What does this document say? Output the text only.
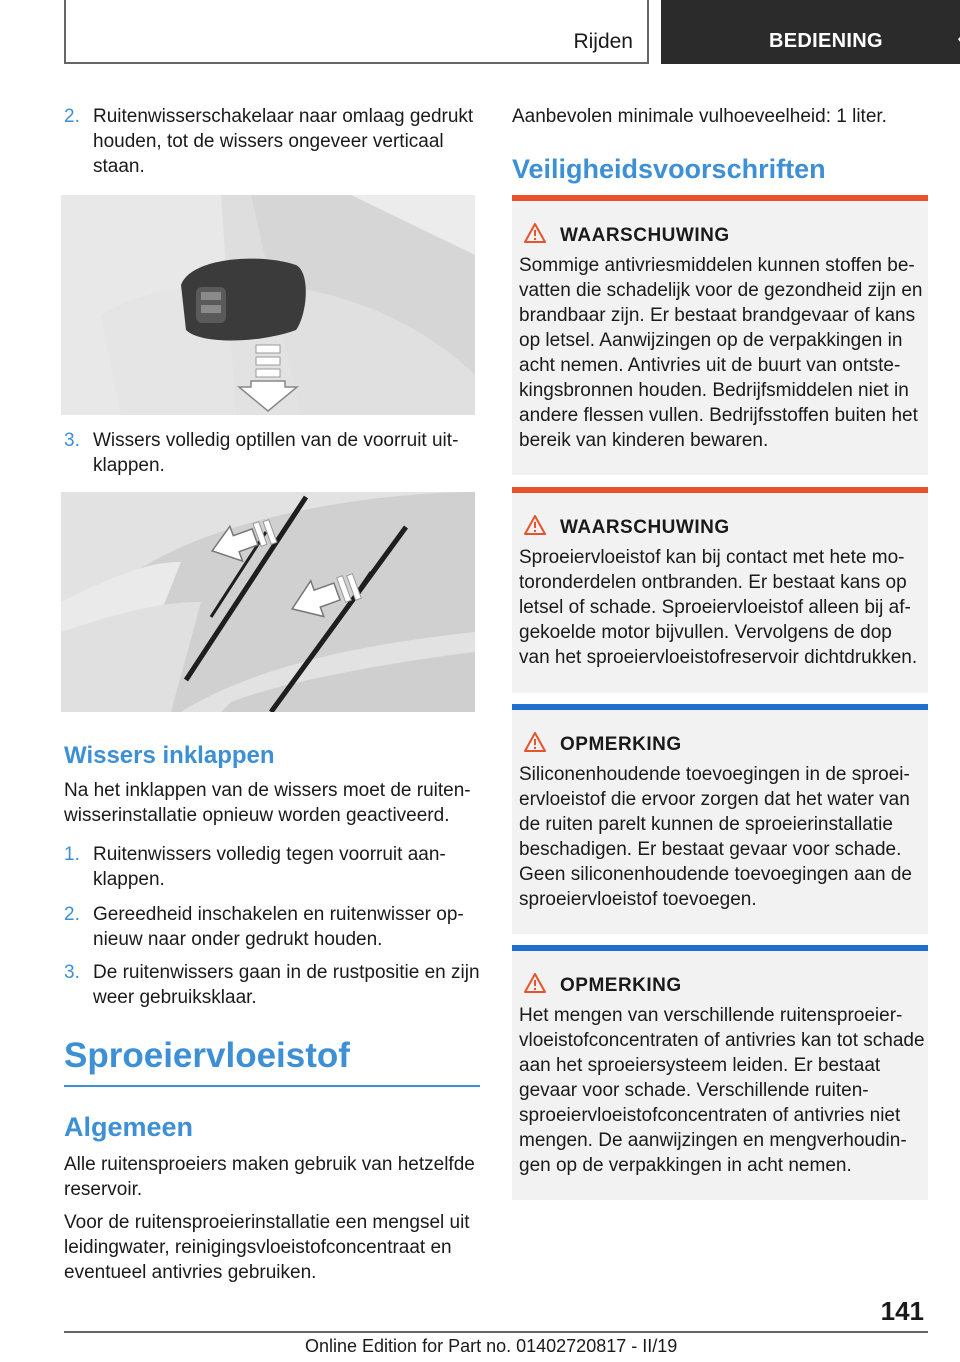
Rijden	BEDIENING
2. Ruitenwisserschakelaar naar omlaag gedrukt houden, tot de wissers ongeveer verticaal staan.
3. Wissers volledig optillen van de voorruit uitklappen.
Wissers inklappen
Na het inklappen van de wissers moet de ruitenwisserinstallatie opnieuw worden geactiveerd.
1. Ruitenwissers volledig tegen voorruit aanklappen.
2. Gereedheid inschakelen en ruitenwisser opnieuw naar onder gedrukt houden.
3. De ruitenwissers gaan in de rustpositie en zijn weer gebruiksklaar.
Sproeiervloeistof
Algemeen
Alle ruitensproeiers maken gebruik van hetzelfde reservoir.
Voor de ruitensproeierinstallatie een mengsel uit leidingwater, reinigingsvloeistofconcentraat en eventueel antivries gebruiken.
Aanbevolen minimale vulhoeveelheid: 1 liter.
Veiligheidsvoorschriften
WAARSCHUWING
Sommige antivriesmiddelen kunnen stoffen bevatten die schadelijk voor de gezondheid zijn en brandbaar zijn. Er bestaat brandgevaar of kans op letsel. Aanwijzingen op de verpakkingen in acht nemen. Antivries uit de buurt van ontstekingsbronnen houden. Bedrijfsmiddelen niet in andere flessen vullen. Bedrijfsstoffen buiten het bereik van kinderen bewaren.
WAARSCHUWING
Sproeiervloeistof kan bij contact met hete motoronderdelen ontbranden. Er bestaat kans op letsel of schade. Sproeiervloeistof alleen bij afgekoelde motor bijvullen. Vervolgens de dop van het sproeiervloeistofreservoir dichtdrukken.
OPMERKING
Siliconenhoudende toevoegingen in de sproeiervloeistof die ervoor zorgen dat het water van de ruiten parelt kunnen de sproeierinstallatie beschadigen. Er bestaat gevaar voor schade. Geen siliconenhoudende toevoegingen aan de sproeiervloeistof toevoegen.
OPMERKING
Het mengen van verschillende ruitensproeiervloeistofconcentraten of antivries kan tot schade aan het sproeiersysteem leiden. Er bestaat gevaar voor schade. Verschillende ruitensproeiervloeistofconcentraten of antivries niet mengen. De aanwijzingen en mengverhoudingen op de verpakkingen in acht nemen.
141
Online Edition for Part no. 01402720817 - II/19
